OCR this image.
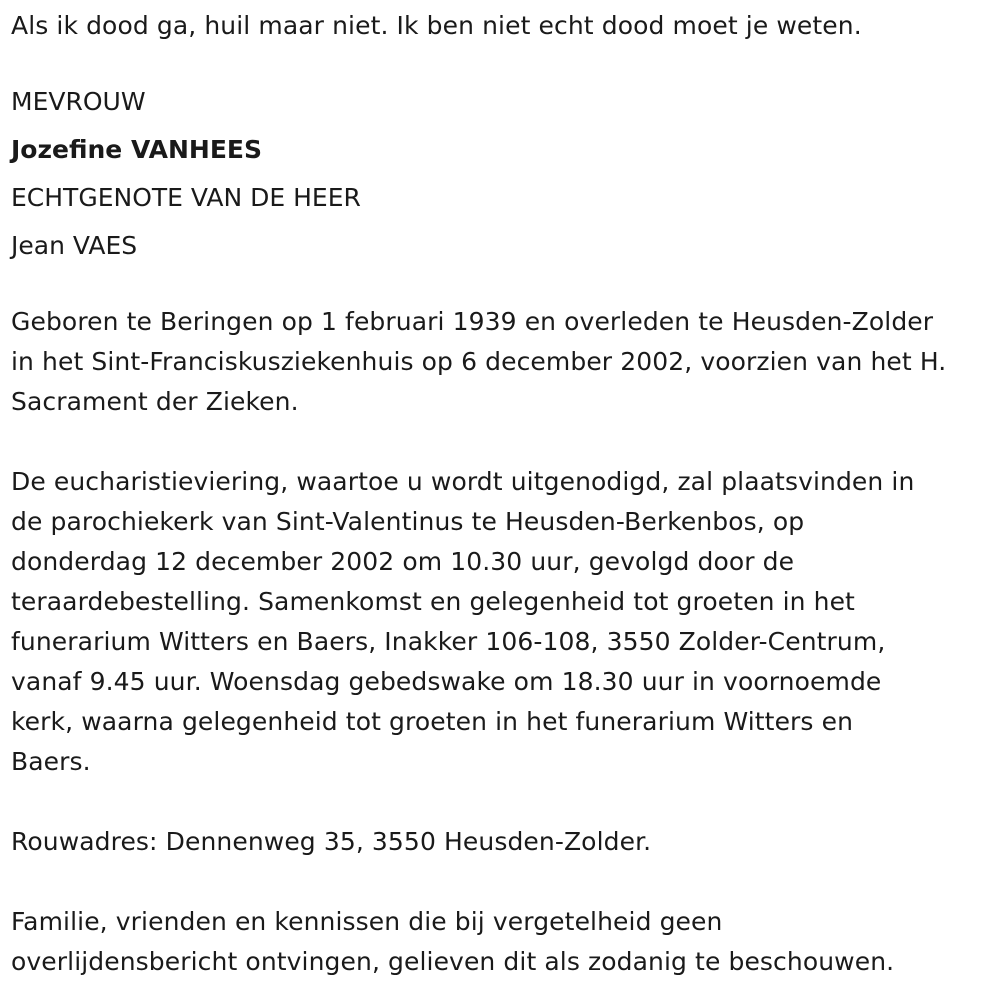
Als ik dood ga, huil maar niet. Ik ben niet echt dood moet je weten.

MEVROUW

Jozefine VANHEES

ECHTGENOTE VAN DE HEER

Jean VAES

Geboren te Beringen op 1 februari 1939 en overleden te Heusden-Zolder

in het Sint-Franciskusziekenhuis op 6 december 2002, voorzien van het H.

Sacrament der Zieken.

De eucharistieviering, waartoe u wordt uitgenodigd, zal plaatsvinden in

de parochiekerk van Sint-Valentinus te Heusden-Berkenbos, op

donderdag 12 december 2002 om 10.30 uur, gevolgd door de

teraardebestelling. Samenkomst en gelegenheid tot groeten in het

funerarium Witters en Baers, Inakker 106-108, 3550 Zolder-Centrum,

vanaf 9.45 uur. Woensdag gebedswake om 18.30 uur in voornoemde

kerk, waarna gelegenheid tot groeten in het funerarium Witters en

Baers.

Rouwadres: Dennenweg 35, 3550 Heusden-Zolder.

Familie, vrienden en kennissen die bij vergetelheid geen

overlijdensbericht ontvingen, gelieven dit als zodanig te beschouwen.
